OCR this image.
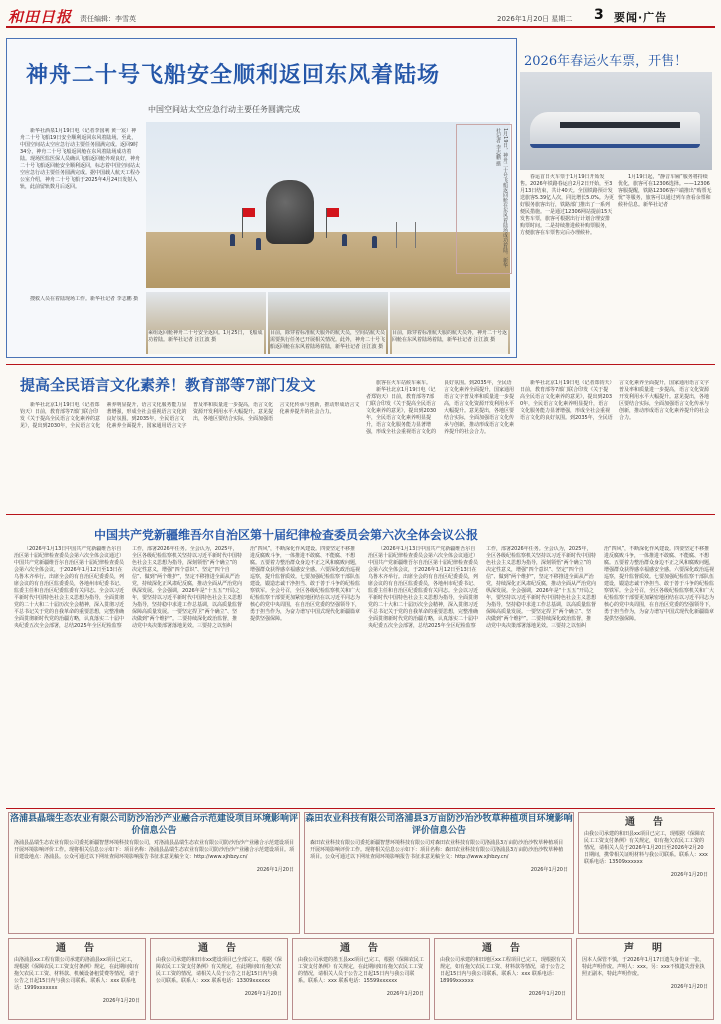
和田日报 责任编辑：李雪英	2026年1月20日 星期二 3 要闻·广告
神舟二十号飞船安全顺利返回东风着陆场
中国空间站太空应急行动主要任务圆满完成

新华社酒泉1月19日电（记者李国利 黄一宸）神舟二十号飞船19日安全顺利返回东风着陆场。至此，中国空间站太空应急行动主要任务圆满完成。返回9时34分，神舟二十号飞船返回舱在东风着陆场成功着陆。现场医监医保人员确认飞船返回舱外观良好，神舟二十号飞船返回舱安全顺利返回，标志着中国空间站太空应急行动主要任务圆满完成。据中国载人航天工程办公室介绍，神舟二十号飞船于2025年4月24日发射入轨，此前留轨数月后返回。	1月19日，神舟二十号飞船返回舱在东风着陆场成功着陆。新华社记者 李志鹏 摄

搜救人员在着陆现场工作。新华社记者 李志鹏 摄

乘组返回舱神舟二十号安全返回。1月25日，飞船成功着陆。新华社记者 汪江波 摄
目前，除穿着标准航天服外的航天员，空间站航天员需要执行任务已开展相关情况。此外，神舟二十号飞船返回舱在东风着陆场着陆，新华社记者 汪江波 摄
目前，除穿着标准航天服的航天员外，神舟二十号返回舱在东风着陆场着陆，新华社记者 汪江波 摄
2026年春运火车票，开售！

春运首日火车票于1月19日开始发售。2026年铁路春运自2月2日开始，至3月13日结束，共计40天。全国铁路预计发送旅客5.39亿人次，同比增长5.0%。为更好服务旅客出行，铁路部门推出了一系列便民措施。一是通过12306网站提前15天发售车票，旅客可根据出行计划合理安排购票时间。二是持续推进候补购票服务，方便旅客在车票售完后办理候补。

1月19日起，“静音车厢”服务将持续优化，旅客可在12306选择。——12306客服提醒，铁路12306客户端推出“购票无忧”等服务，旅客可以通过列车查看余票和候补信息。新华社记者

提高全民语言文化素养！教育部等7部门发文

新华社北京1月19日电（记者郑钧天）日前，教育部等7部门联合印发《关于提高全民语言文化素养的意见》，提出到2030年，全民语言文化素养明显提升，语言文化服务能力显著增强，形成全社会重视语言文化的良好氛围。到2035年，全民语言文化素养全面提升，国家通用语言文字普及率和质量进一步提高，语言文化资源开发利用水平大幅提升。意见提出，各地区要结合实际，全面加强语言文化传承与创新，推动形成语言文化素养提升的社会合力。

旅客在火车站候车乘车。

新华社北京1月19日电（记者郑钧天）日前，教育部等7部门联合印发《关于提高全民语言文化素养的意见》，提出到2030年，全民语言文化素养明显提升，语言文化服务能力显著增强，形成全社会重视语言文化的良好氛围。到2035年，全民语言文化素养全面提升，国家通用语言文字普及率和质量进一步提高，语言文化资源开发利用水平大幅提升。意见提出，各地区要结合实际，全面加强语言文化传承与创新，推动形成语言文化素养提升的社会合力。

新华社北京1月19日电（记者郑钧天）日前，教育部等7部门联合印发《关于提高全民语言文化素养的意见》，提出到2030年，全民语言文化素养明显提升，语言文化服务能力显著增强，形成全社会重视语言文化的良好氛围。到2035年，全民语言文化素养全面提升，国家通用语言文字普及率和质量进一步提高，语言文化资源开发利用水平大幅提升。意见提出，各地区要结合实际，全面加强语言文化传承与创新，推动形成语言文化素养提升的社会合力。

中国共产党新疆维吾尔自治区第十届纪律检查委员会第六次全体会议公报

（2026年1月13日中国共产党新疆维吾尔自治区第十届纪律检查委员会第六次全体会议通过）中国共产党新疆维吾尔自治区第十届纪律检查委员会第六次全体会议，于2026年1月12日至13日在乌鲁木齐举行。出席全会的有自治区纪委委员，列席会议的有自治区监委委员，各地州市纪委书记、监委主任和自治区纪委监委有关同志。全会以习近平新时代中国特色社会主义思想为指导，全面贯彻党的二十大和二十届历次全会精神，深入贯彻习近平总书记关于党的自我革命的重要思想，完整准确全面贯彻新时代党的治疆方略，认真落实二十届中央纪委五次全会部署，总结2025年全区纪检监察工作，部署2026年任务。全会认为，2025年，全区各级纪检监察机关坚持以习近平新时代中国特色社会主义思想为指导，深刻领悟“两个确立”的决定性意义，增强“四个意识”、坚定“四个自信”、做到“两个维护”，坚定不移推进全面从严治党，持续深化正风肃纪反腐，推动全面从严治党向纵深发展。全会强调，2026年是“十五五”开局之年，要坚持以习近平新时代中国特色社会主义思想为指导，坚持稳中求进工作总基调，以高质量监督保障高质量发展。一要坚定捍卫“两个确立”、坚决做到“两个维护”。二要持续深化政治监督，推动党中央决策部署落地见效。三要持之以恒纠治“四风”，不断深化作风建设。四要坚定不移推进反腐败斗争，一体推进不敢腐、不能腐、不想腐。五要着力整治群众身边不正之风和腐败问题，增强群众获得感幸福感安全感。六要深化政治巡视巡察，提升监督质效。七要加强纪检监察干部队伍建设，锻造忠诚干净担当、敢于善于斗争的纪检监察铁军。全会号召，全区各级纪检监察机关和广大纪检监察干部要更加紧密地团结在以习近平同志为核心的党中央周围，在自治区党委的坚强领导下，勇于担当作为，为奋力谱写中国式现代化新疆篇章提供坚强保障。

（2026年1月13日中国共产党新疆维吾尔自治区第十届纪律检查委员会第六次全体会议通过）中国共产党新疆维吾尔自治区第十届纪律检查委员会第六次全体会议，于2026年1月12日至13日在乌鲁木齐举行。出席全会的有自治区纪委委员，列席会议的有自治区监委委员，各地州市纪委书记、监委主任和自治区纪委监委有关同志。全会以习近平新时代中国特色社会主义思想为指导，全面贯彻党的二十大和二十届历次全会精神，深入贯彻习近平总书记关于党的自我革命的重要思想，完整准确全面贯彻新时代党的治疆方略，认真落实二十届中央纪委五次全会部署，总结2025年全区纪检监察工作，部署2026年任务。全会认为，2025年，全区各级纪检监察机关坚持以习近平新时代中国特色社会主义思想为指导，深刻领悟“两个确立”的决定性意义，增强“四个意识”、坚定“四个自信”、做到“两个维护”，坚定不移推进全面从严治党，持续深化正风肃纪反腐，推动全面从严治党向纵深发展。全会强调，2026年是“十五五”开局之年，要坚持以习近平新时代中国特色社会主义思想为指导，坚持稳中求进工作总基调，以高质量监督保障高质量发展。一要坚定捍卫“两个确立”、坚决做到“两个维护”。二要持续深化政治监督，推动党中央决策部署落地见效。三要持之以恒纠治“四风”，不断深化作风建设。四要坚定不移推进反腐败斗争，一体推进不敢腐、不能腐、不想腐。五要着力整治群众身边不正之风和腐败问题，增强群众获得感幸福感安全感。六要深化政治巡视巡察，提升监督质效。七要加强纪检监察干部队伍建设，锻造忠诚干净担当、敢于善于斗争的纪检监察铁军。全会号召，全区各级纪检监察机关和广大纪检监察干部要更加紧密地团结在以习近平同志为核心的党中央周围，在自治区党委的坚强领导下，勇于担当作为，为奋力谱写中国式现代化新疆篇章提供坚强保障。

洛浦县晶瑞生态农业有限公司防沙治沙产业融合示范建设项目环境影响评价信息公告
洛浦县晶瑞生态农业有限公司委托新疆智慧环境科技有限公司，对洛浦县晶瑞生态农业有限公司防沙治沙产业融合示范建设项目开展环境影响评价工作。现将相关信息公示如下：项目名称：洛浦县晶瑞生态农业有限公司防沙治沙产业融合示范建设项目。项目建设地点：洛浦县。公众可通过以下网址查阅环境影响报告书征求意见稿全文：http://www.xjhbzy.cn/
2026年1月20日
森田农业科技有限公司洛浦县3万亩防沙治沙牧草种植项目环境影响评价信息公告
森田农业科技有限公司委托新疆智慧环境科技有限公司对森田农业科技有限公司洛浦县3万亩防沙治沙牧草种植项目开展环境影响评价工作。现将相关信息公示如下：项目名称：森田农业科技有限公司洛浦县3万亩防沙治沙牧草种植项目。公众可通过以下网址查阅环境影响报告书征求意见稿全文：http://www.xjhbzy.cn/
2026年1月20日
通　告
由我公司承建的和田县xx项目已完工，现根据《保障农民工工资支付条例》有关规定，如有拖欠农民工工资的情况，请相关人员于2026年1月20日至2026年2月20日期间，携带相关证明材料与我公司联系。联系人：xxx 联系电话：13509xxxxxx
2026年1月20日
通　告
由洛浦县xx工程有限公司承建的洛浦县xx项目已完工，现根据《保障农民工工资支付条例》规定，在此期间如有拖欠农民工工资、材料款、机械设备租赁费等情况，请于公告之日起15日内与我公司联系。联系人：xxx 联系电话：1999xxxxxxx
2026年1月20日
通　告
由我公司承建的和田市xx建设项目已全部完工，根据《保障农民工工资支付条例》有关规定，在此期间如有拖欠农民工工资的情况，请相关人员于公告之日起15日内与我公司联系。联系人：xxx 联系电话：13309xxxxxx
2026年1月20日
通　告
由我公司承建的墨玉县xx项目已完工，根据《保障农民工工资支付条例》有关规定，在此期间如有拖欠农民工工资的情况，请相关人员于公告之日起15日内与我公司联系。联系人：xxx 联系电话：15599xxxxxx
2026年1月20日
通　告
由我公司承建的和田地区xx工程项目已完工，现根据有关规定，如有拖欠农民工工资、材料款等情况，请于公告之日起15日内与我公司联系。联系人：xxx 联系电话：18999xxxxxx
2026年1月20日
声　明
因本人保管不慎，于2026年1月17日遗失身份证一张，特此声明作废。声明人：xxx。另：xxx不慎遗失营业执照正副本，特此声明作废。
2026年1月20日
